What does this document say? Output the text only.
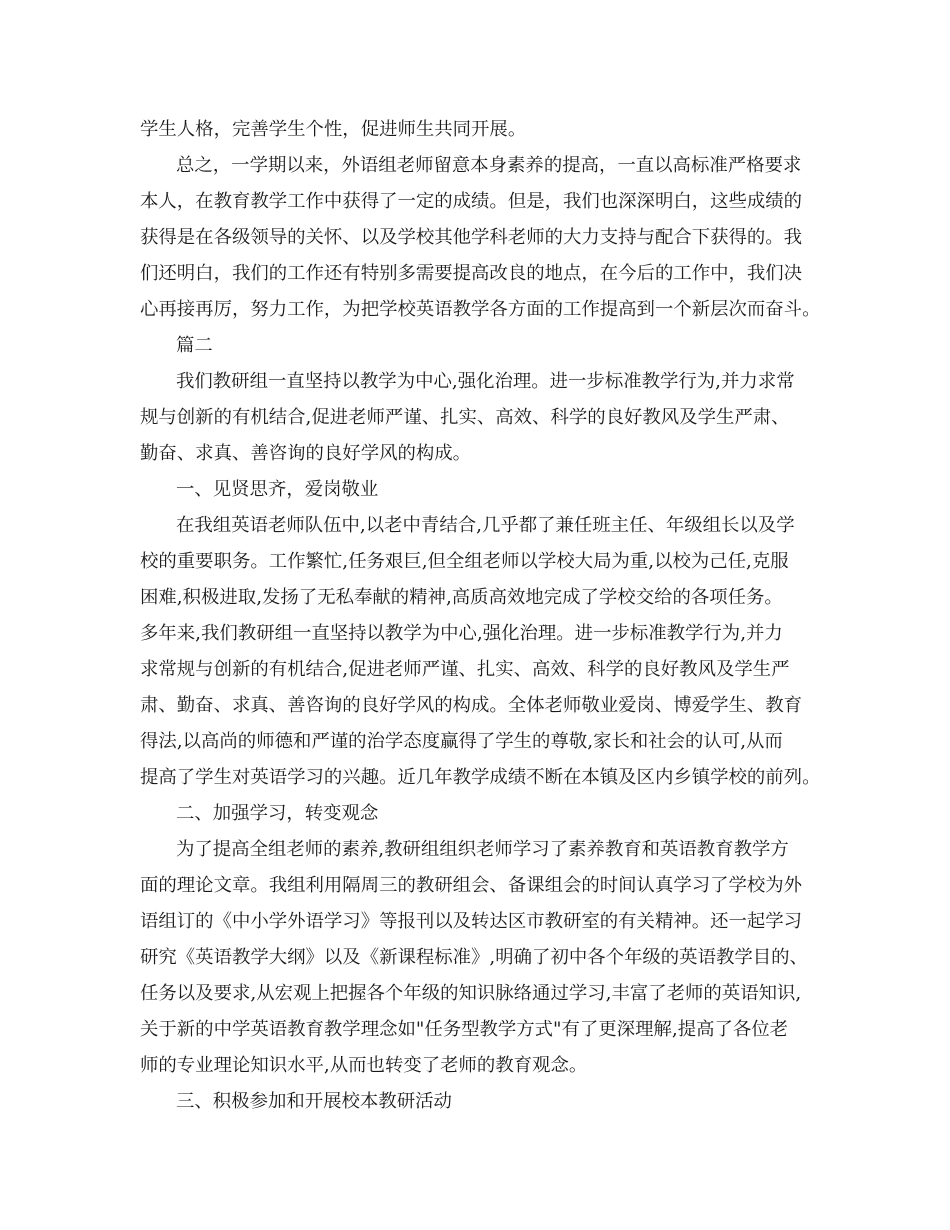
学生人格，完善学生个性，促进师生共同开展。
总之，一学期以来，外语组老师留意本身素养的提高，一直以高标准严格要求
本人，在教育教学工作中获得了一定的成绩。但是，我们也深深明白，这些成绩的
获得是在各级领导的关怀、以及学校其他学科老师的大力支持与配合下获得的。我
们还明白，我们的工作还有特别多需要提高改良的地点，在今后的工作中，我们决
心再接再厉，努力工作，为把学校英语教学各方面的工作提高到一个新层次而奋斗。
篇二
我们教研组一直坚持以教学为中心,强化治理。进一步标准教学行为,并力求常
规与创新的有机结合,促进老师严谨、扎实、高效、科学的良好教风及学生严肃、
勤奋、求真、善咨询的良好学风的构成。
一、见贤思齐，爱岗敬业
在我组英语老师队伍中,以老中青结合,几乎都了兼任班主任、年级组长以及学
校的重要职务。工作繁忙,任务艰巨,但全组老师以学校大局为重,以校为己任,克服
困难,积极进取,发扬了无私奉献的精神,高质高效地完成了学校交给的各项任务。
多年来,我们教研组一直坚持以教学为中心,强化治理。进一步标准教学行为,并力
求常规与创新的有机结合,促进老师严谨、扎实、高效、科学的良好教风及学生严
肃、勤奋、求真、善咨询的良好学风的构成。全体老师敬业爱岗、博爱学生、教育
得法,以高尚的师德和严谨的治学态度赢得了学生的尊敬,家长和社会的认可,从而
提高了学生对英语学习的兴趣。近几年教学成绩不断在本镇及区内乡镇学校的前列。
二、加强学习，转变观念
为了提高全组老师的素养,教研组组织老师学习了素养教育和英语教育教学方
面的理论文章。我组利用隔周三的教研组会、备课组会的时间认真学习了学校为外
语组订的《中小学外语学习》等报刊以及转达区市教研室的有关精神。还一起学习
研究《英语教学大纲》以及《新课程标准》,明确了初中各个年级的英语教学目的、
任务以及要求,从宏观上把握各个年级的知识脉络通过学习,丰富了老师的英语知识,
关于新的中学英语教育教学理念如"任务型教学方式"有了更深理解,提高了各位老
师的专业理论知识水平,从而也转变了老师的教育观念。
三、积极参加和开展校本教研活动
